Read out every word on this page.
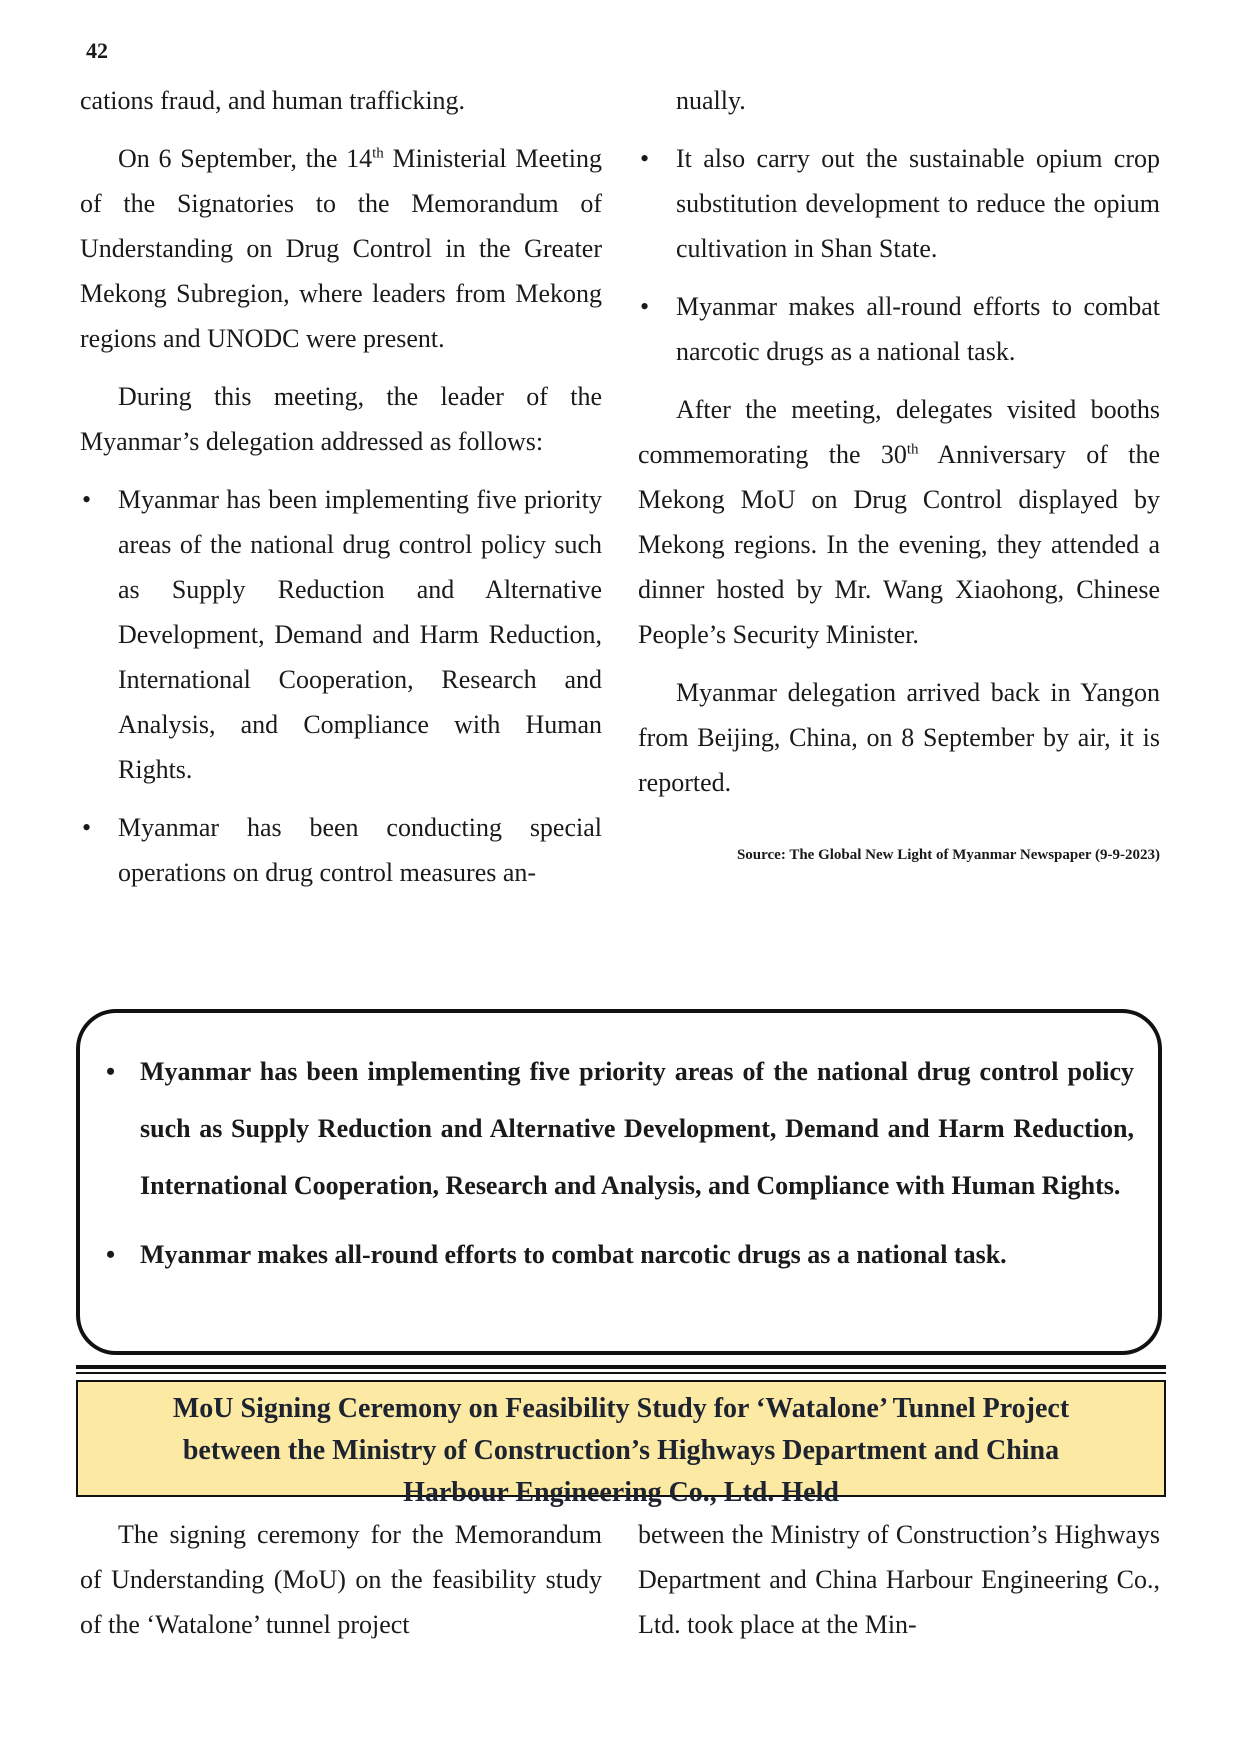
42

cations fraud, and human trafficking.

On 6 September, the 14th Ministerial Meeting of the Signatories to the Memorandum of Understanding on Drug Control in the Greater Mekong Subregion, where leaders from Mekong regions and UNODC were present.

During this meeting, the leader of the Myanmar’s delegation addressed as follows:

• Myanmar has been implementing five priority areas of the national drug control policy such as Supply Reduction and Alternative Development, Demand and Harm Reduction, International Cooperation, Research and Analysis, and Compliance with Human Rights.
• Myanmar has been conducting special operations on drug control measures an-
nually.
• It also carry out the sustainable opium crop substitution development to reduce the opium cultivation in Shan State.
• Myanmar makes all-round efforts to combat narcotic drugs as a national task.

After the meeting, delegates visited booths commemorating the 30th Anniversary of the Mekong MoU on Drug Control displayed by Mekong regions. In the evening, they attended a dinner hosted by Mr. Wang Xiaohong, Chinese People’s Security Minister.

Myanmar delegation arrived back in Yangon from Beijing, China, on 8 September by air, it is reported.

Source: The Global New Light of Myanmar Newspaper (9-9-2023)
• Myanmar has been implementing five priority areas of the national drug control policy such as Supply Reduction and Alternative Development, Demand and Harm Reduction, International Cooperation, Research and Analysis, and Compliance with Human Rights.
• Myanmar makes all-round efforts to combat narcotic drugs as a national task.
MoU Signing Ceremony on Feasibility Study for ‘Watalone’ Tunnel Project
between the Ministry of Construction’s Highways Department and China
Harbour Engineering Co., Ltd. Held

The signing ceremony for the Memorandum of Understanding (MoU) on the feasibility study of the ‘Watalone’ tunnel project

between the Ministry of Construction’s Highways Department and China Harbour Engineering Co., Ltd. took place at the Min-
